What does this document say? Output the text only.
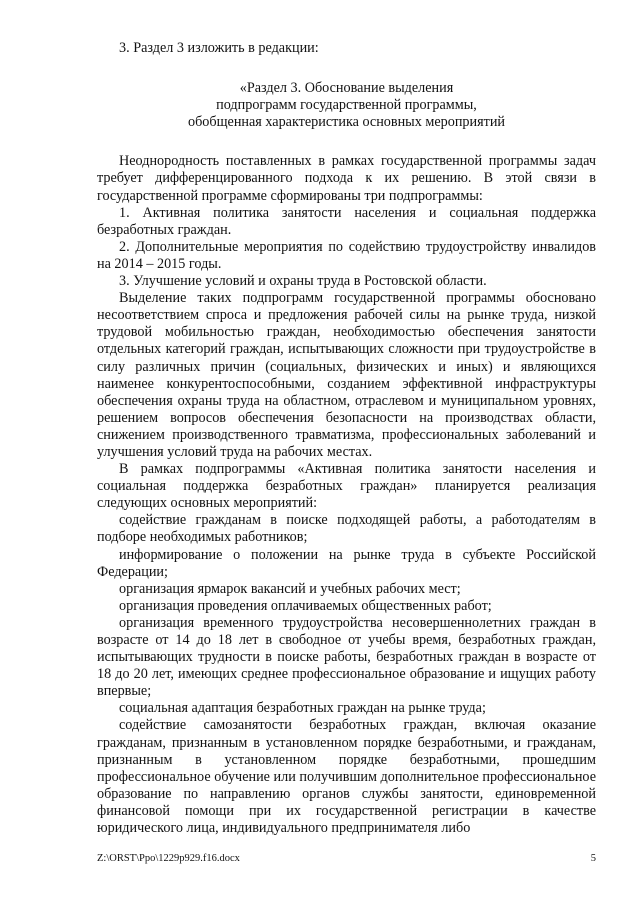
3. Раздел 3 изложить в редакции:

«Раздел 3. Обоснование выделения
подпрограмм государственной программы,
обобщенная характеристика основных мероприятий

Неоднородность поставленных в рамках государственной программы задач требует дифференцированного подхода к их решению. В этой связи в государственной программе сформированы три подпрограммы:

1. Активная политика занятости населения и социальная поддержка безработных граждан.

2. Дополнительные мероприятия по содействию трудоустройству инвалидов на 2014 – 2015 годы.

3. Улучшение условий и охраны труда в Ростовской области.

Выделение таких подпрограмм государственной программы обосновано несоответствием спроса и предложения рабочей силы на рынке труда, низкой трудовой мобильностью граждан, необходимостью обеспечения занятости отдельных категорий граждан, испытывающих сложности при трудоустройстве в силу различных причин (социальных, физических и иных) и являющихся наименее конкурентоспособными, созданием эффективной инфраструктуры обеспечения охраны труда на областном, отраслевом и муниципальном уровнях, решением вопросов обеспечения безопасности на производствах области, снижением производственного травматизма, профессиональных заболеваний и улучшения условий труда на рабочих местах.

В рамках подпрограммы «Активная политика занятости населения и социальная поддержка безработных граждан» планируется реализация следующих основных мероприятий:

содействие гражданам в поиске подходящей работы, а работодателям в подборе необходимых работников;

информирование о положении на рынке труда в субъекте Российской Федерации;

организация ярмарок вакансий и учебных рабочих мест;

организация проведения оплачиваемых общественных работ;

организация временного трудоустройства несовершеннолетних граждан в возрасте от 14 до 18 лет в свободное от учебы время, безработных граждан, испытывающих трудности в поиске работы, безработных граждан в возрасте от 18 до 20 лет, имеющих среднее профессиональное образование и ищущих работу впервые;

социальная адаптация безработных граждан на рынке труда;

содействие самозанятости безработных граждан, включая оказание гражданам, признанным в установленном порядке безработными, и гражданам, признанным в установленном порядке безработными, прошедшим профессиональное обучение или получившим дополнительное профессиональное образование по направлению органов службы занятости, единовременной финансовой помощи при их государственной регистрации в качестве юридического лица, индивидуального предпринимателя либо

Z:\ORST\Ppo\1229p929.f16.docx	5
